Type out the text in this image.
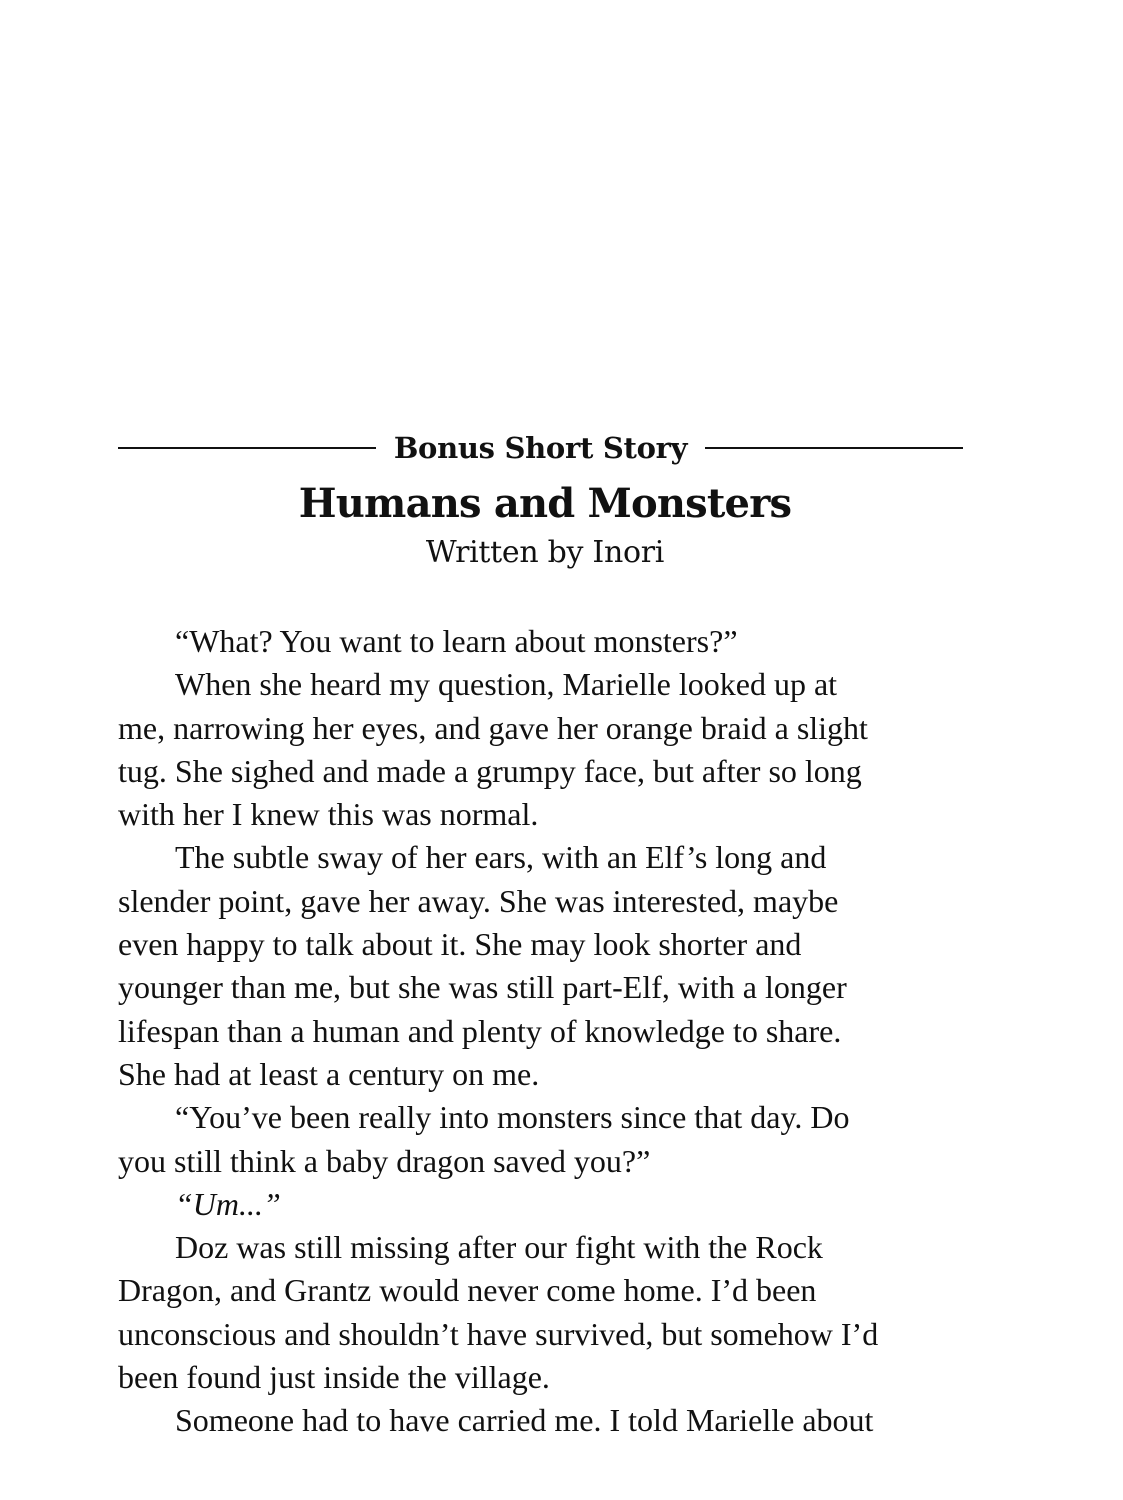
Bonus Short Story
Humans and Monsters
Written by Inori
“What? You want to learn about monsters?”
When she heard my question, Marielle looked up at
me, narrowing her eyes, and gave her orange braid a slight
tug. She sighed and made a grumpy face, but after so long
with her I knew this was normal.
The subtle sway of her ears, with an Elf’s long and
slender point, gave her away. She was interested, maybe
even happy to talk about it. She may look shorter and
younger than me, but she was still part-Elf, with a longer
lifespan than a human and plenty of knowledge to share.
She had at least a century on me.
“You’ve been really into monsters since that day. Do
you still think a baby dragon saved you?”
“Um...”
Doz was still missing after our fight with the Rock
Dragon, and Grantz would never come home. I’d been
unconscious and shouldn’t have survived, but somehow I’d
been found just inside the village.
Someone had to have carried me. I told Marielle about
